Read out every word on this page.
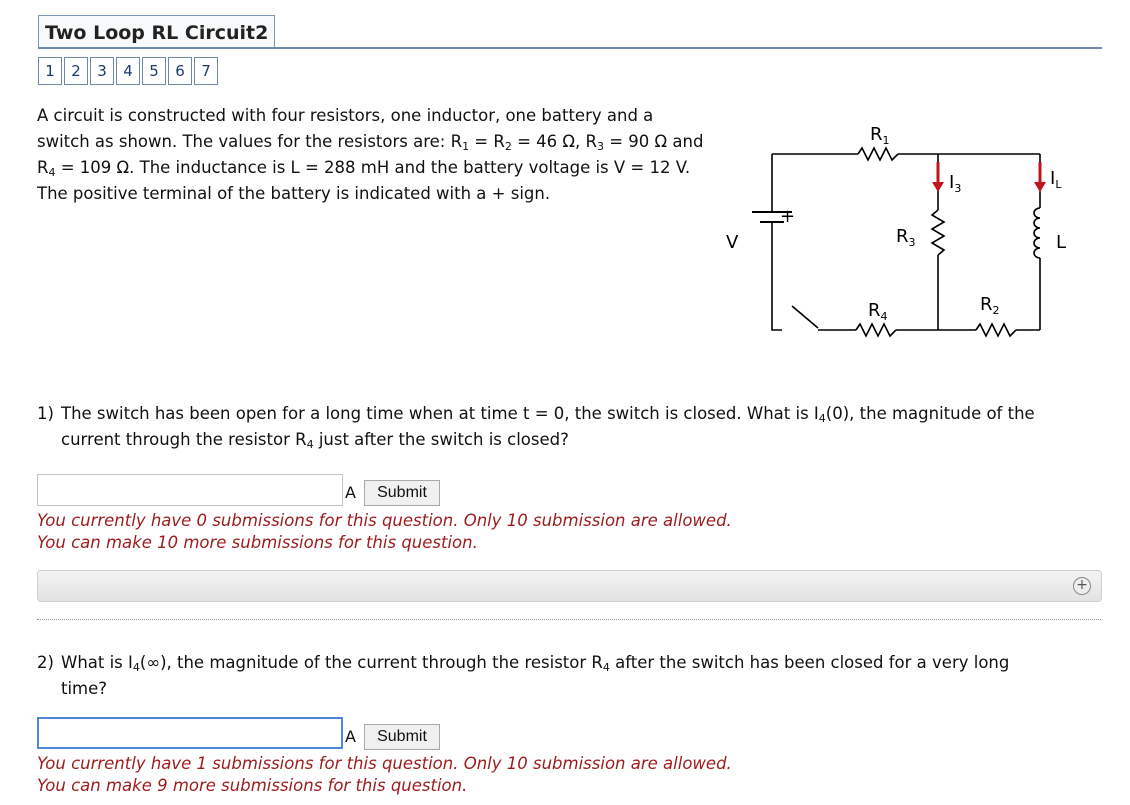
Two Loop RL Circuit2
1	2	3	4	5	6	7
A circuit is constructed with four resistors, one inductor, one battery and a switch as shown. The values for the resistors are: $R_1 = R_2 = 46$ Ω, $R_3 = 90$ Ω and $R_4 = 109$ Ω. The inductance is L = 288 mH and the battery voltage is V = 12 V. The positive terminal of the battery is indicated with a + sign.
$R_1$
$R_3$
$R_4$
$R_2$
$I_3$	$I_L$
L
V
+
1) The switch has been open for a long time when at time t = 0, the switch is closed. What is $I_4(0)$, the magnitude of the
current through the resistor $R_4$ just after the switch is closed?
A	Submit
You currently have 0 submissions for this question. Only 10 submission are allowed.
You can make 10 more submissions for this question.
+
2) What is $I_4(\infty)$, the magnitude of the current through the resistor $R_4$ after the switch has been closed for a very long
time?
A	Submit
You currently have 1 submissions for this question. Only 10 submission are allowed.
You can make 9 more submissions for this question.
